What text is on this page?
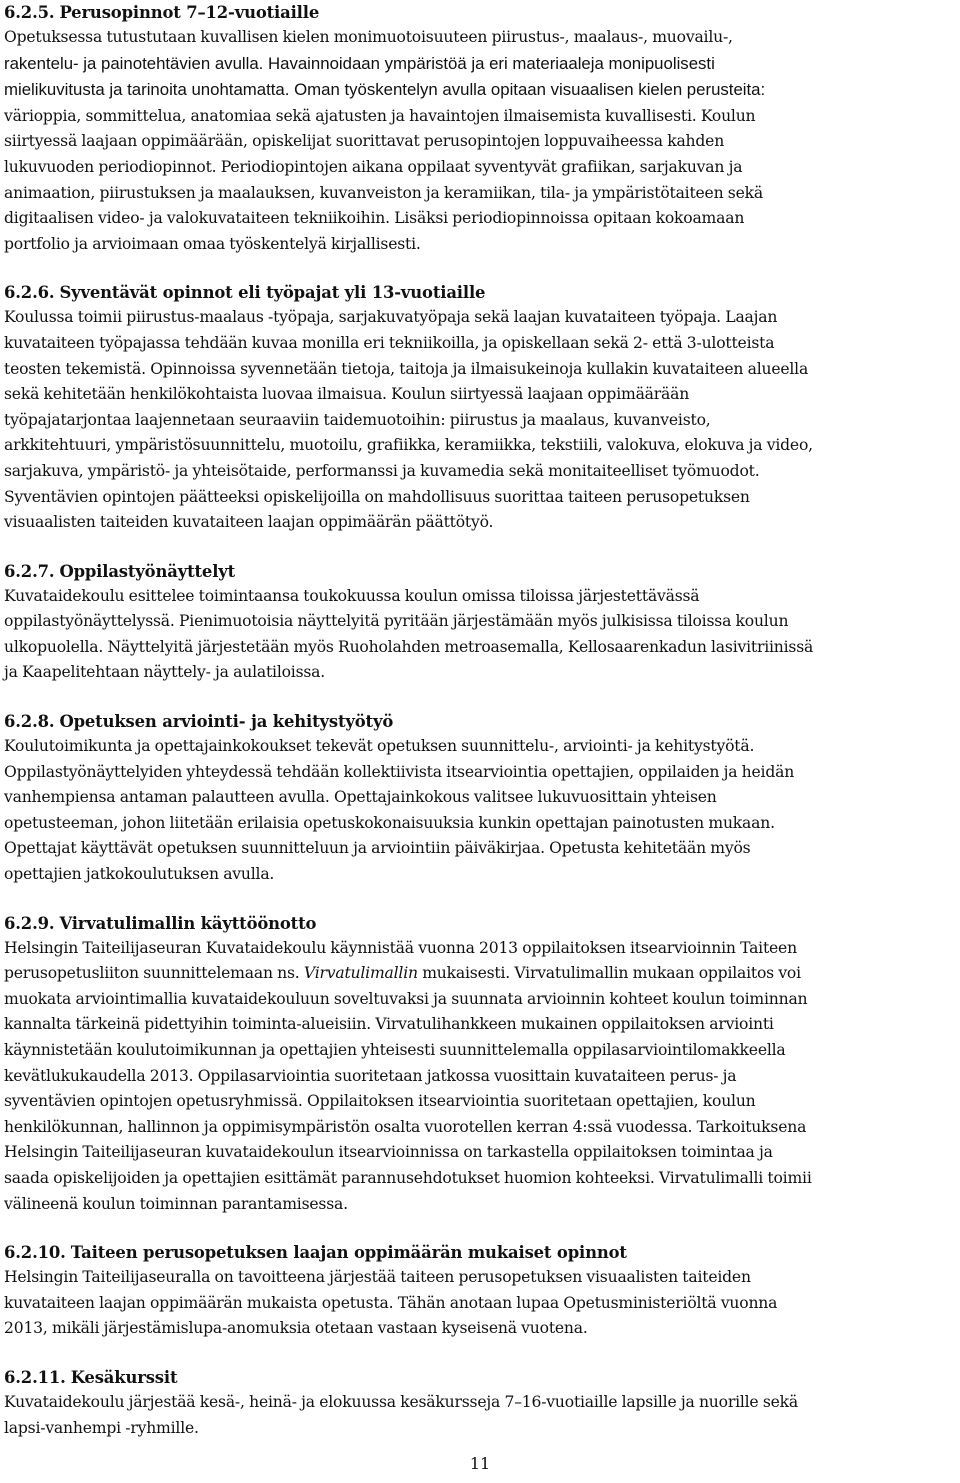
6.2.5. Perusopinnot 7–12-vuotiaille
Opetuksessa tutustutaan kuvallisen kielen monimuotoisuuteen piirustus-, maalaus-, muovailu-,
rakentelu- ja painotehtävien avulla. Havainnoidaan ympäristöä ja eri materiaaleja monipuolisesti
mielikuvitusta ja tarinoita unohtamatta. Oman työskentelyn avulla opitaan visuaalisen kielen perusteita:
värioppia, sommittelua, anatomiaa sekä ajatusten ja havaintojen ilmaisemista kuvallisesti. Koulun
siirtyessä laajaan oppimäärään, opiskelijat suorittavat perusopintojen loppuvaiheessa kahden
lukuvuoden periodiopinnot. Periodiopintojen aikana oppilaat syventyvät grafiikan, sarjakuvan ja
animaation, piirustuksen ja maalauksen, kuvanveiston ja keramiikan, tila- ja ympäristötaiteen sekä
digitaalisen video- ja valokuvataiteen tekniikoihin. Lisäksi periodiopinnoissa opitaan kokoamaan
portfolio ja arvioimaan omaa työskentelyä kirjallisesti.
6.2.6. Syventävät opinnot eli työpajat yli 13-vuotiaille
Koulussa toimii piirustus-maalaus -työpaja, sarjakuvatyöpaja sekä laajan kuvataiteen työpaja. Laajan
kuvataiteen työpajassa tehdään kuvaa monilla eri tekniikoilla, ja opiskellaan sekä 2- että 3-ulotteista
teosten tekemistä. Opinnoissa syvennetään tietoja, taitoja ja ilmaisukeinoja kullakin kuvataiteen alueella
sekä kehitetään henkilökohtaista luovaa ilmaisua. Koulun siirtyessä laajaan oppimäärään
työpajatarjontaa laajennetaan seuraaviin taidemuotoihin: piirustus ja maalaus, kuvanveisto,
arkkitehtuuri, ympäristösuunnittelu, muotoilu, grafiikka, keramiikka, tekstiili, valokuva, elokuva ja video,
sarjakuva, ympäristö- ja yhteisötaide, performanssi ja kuvamedia sekä monitaiteelliset työmuodot.
Syventävien opintojen päätteeksi opiskelijoilla on mahdollisuus suorittaa taiteen perusopetuksen
visuaalisten taiteiden kuvataiteen laajan oppimäärän päättötyö.
6.2.7. Oppilastyönäyttelyt
Kuvataidekoulu esittelee toimintaansa toukokuussa koulun omissa tiloissa järjestettävässä
oppilastyönäyttelyssä. Pienimuotoisia näyttelyitä pyritään järjestämään myös julkisissa tiloissa koulun
ulkopuolella. Näyttelyitä järjestetään myös Ruoholahden metroasemalla, Kellosaarenkadun lasivitriinissä
ja Kaapelitehtaan näyttely- ja aulatiloissa.
6.2.8. Opetuksen arviointi- ja kehitystyötyö
Koulutoimikunta ja opettajainkokoukset tekevät opetuksen suunnittelu-, arviointi- ja kehitystyötä.
Oppilastyönäyttelyiden yhteydessä tehdään kollektiivista itsearviointia opettajien, oppilaiden ja heidän
vanhempiensa antaman palautteen avulla. Opettajainkokous valitsee lukuvuosittain yhteisen
opetusteeman, johon liitetään erilaisia opetuskokonaisuuksia kunkin opettajan painotusten mukaan.
Opettajat käyttävät opetuksen suunnitteluun ja arviointiin päiväkirjaa. Opetusta kehitetään myös
opettajien jatkokoulutuksen avulla.
6.2.9. Virvatulimallin käyttöönotto
Helsingin Taiteilijaseuran Kuvataidekoulu käynnistää vuonna 2013 oppilaitoksen itsearvioinnin Taiteen
perusopetusliiton suunnittelemaan ns. Virvatulimallin mukaisesti. Virvatulimallin mukaan oppilaitos voi
muokata arviointimallia kuvataidekouluun soveltuvaksi ja suunnata arvioinnin kohteet koulun toiminnan
kannalta tärkeinä pidettyihin toiminta-alueisiin. Virvatulihankkeen mukainen oppilaitoksen arviointi
käynnistetään koulutoimikunnan ja opettajien yhteisesti suunnittelemalla oppilasarviointilomakkeella
kevätlukukaudella 2013. Oppilasarviointia suoritetaan jatkossa vuosittain kuvataiteen perus- ja
syventävien opintojen opetusryhmissä. Oppilaitoksen itsearviointia suoritetaan opettajien, koulun
henkilökunnan, hallinnon ja oppimisympäristön osalta vuorotellen kerran 4:ssä vuodessa. Tarkoituksena
Helsingin Taiteilijaseuran kuvataidekoulun itsearvioinnissa on tarkastella oppilaitoksen toimintaa ja
saada opiskelijoiden ja opettajien esittämät parannusehdotukset huomion kohteeksi. Virvatulimalli toimii
välineenä koulun toiminnan parantamisessa.
6.2.10. Taiteen perusopetuksen laajan oppimäärän mukaiset opinnot
Helsingin Taiteilijaseuralla on tavoitteena järjestää taiteen perusopetuksen visuaalisten taiteiden
kuvataiteen laajan oppimäärän mukaista opetusta. Tähän anotaan lupaa Opetusministeriöltä vuonna
2013, mikäli järjestämislupa-anomuksia otetaan vastaan kyseisenä vuotena.
6.2.11. Kesäkurssit
Kuvataidekoulu järjestää kesä-, heinä- ja elokuussa kesäkursseja 7–16-vuotiaille lapsille ja nuorille sekä
lapsi-vanhempi -ryhmille.
11
